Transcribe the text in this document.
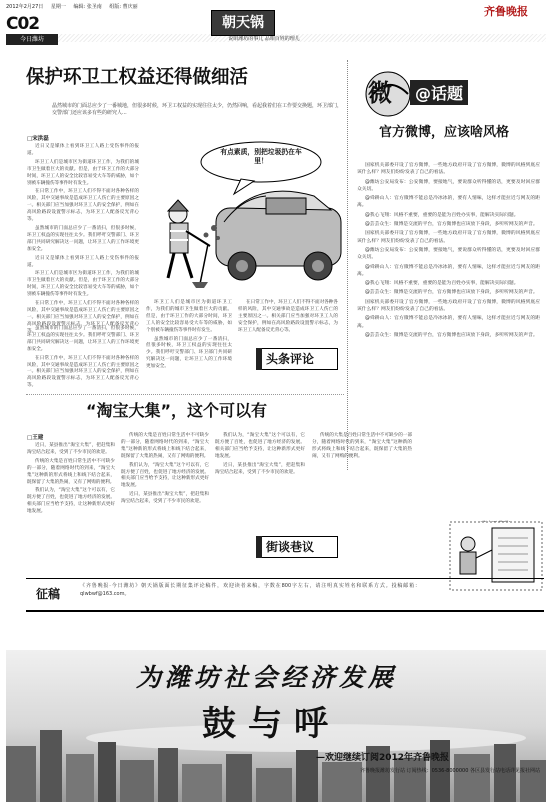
2012年2月27日 星期一 编辑: 张圣南 组版: 曹庆丽	齐鲁晚报
C02
今日潍坊
朝天锅
说咱潍坊的事儿 品咱百姓的理儿
保护环卫工权益还得做细活
晶然城市的门面总应少了一番城地，但很多时候，环卫工权益的实现往往太少，仍然回响，看起我着们在工作要交换题，环卫部门，交警部门还应该多有些的研究人...
□宋洪磊

近日又是媒体上看到环卫工人路上受伤事件的报道。

环卫工人们是城市区为街道环卫工作，为我们的城市卫生做着巨大的贡献。但是，由于环卫工作的大部分时间，环卫工人的安全比较容易受大车等的威胁，如个别被车辆撞伤等事件时有发生。

在日常工作中，环卫工人们不得不面对各种各样的风险，其中交通事故是造成环卫工人伤亡的主要原因之一。相关部门应当加强对环卫工人的安全保护，例如在高风险路段设置警示标志，为环卫工人配备反光背心等。

虽然城市的门面总应少了一番清扫，但很多时候，环卫工权益的实现往往太少。我们呼吁交警部门、环卫部门共同研究解决这一问题，让环卫工人的工作环境更加安全。

近日又是媒体上看到环卫工人路上受伤事件的报道。

环卫工人们是城市区为街道环卫工作，为我们的城市卫生做着巨大的贡献。但是，由于环卫工作的大部分时间，环卫工人的安全比较容易受大车等的威胁，如个别被车辆撞伤等事件时有发生。

在日常工作中，环卫工人们不得不面对各种各样的风险，其中交通事故是造成环卫工人伤亡的主要原因之一。相关部门应当加强对环卫工人的安全保护，例如在高风险路段设置警示标志，为环卫工人配备反光背心等。

虽然城市的门面总应少了一番清扫，但很多时候，环卫工权益的实现往往太少。我们呼吁交警部门、环卫部门共同研究解决这一问题，让环卫工人的工作环境更加安全。

在日常工作中，环卫工人们不得不面对各种各样的风险，其中交通事故是造成环卫工人伤亡的主要原因之一。相关部门应当加强对环卫工人的安全保护，例如在高风险路段设置警示标志，为环卫工人配备反光背心等。

有点素质，别把垃圾扔在车里！

环卫工人们是城市区为街道环卫工作，为我们的城市卫生做着巨大的贡献。但是，由于环卫工作的大部分时间，环卫工人的安全比较容易受大车等的威胁，如个别被车辆撞伤等事件时有发生。

虽然城市的门面总应少了一番清扫，但很多时候，环卫工权益的实现往往太少。我们呼吁交警部门、环卫部门共同研究解决这一问题，让环卫工人的工作环境更加安全。

在日常工作中，环卫工人们不得不面对各种各样的风险，其中交通事故是造成环卫工人伤亡的主要原因之一。相关部门应当加强对环卫工人的安全保护，例如在高风险路段设置警示标志，为环卫工人配备反光背心等。

头条评论
微	@话题
官方微博，应该啥风格

国家机关部委开设了官方微博，一些地方政府开设了官方微博，微博的风格到底应该什么样？网友们纷纷发表了自己的看法。

@潍坊公安局发布：公安微博，要接地气，要说群众听得懂的话，更要及时回应群众关切。

@舜耕山人：官方微博不能总是冷冰冰的，要有人情味，这样才能拉近与网友的距离。

@我心飞翔：风格不重要，重要的是能为百姓办实事，能解决实际问题。

@芸芸众生：微博是交流的平台，官方微博也应该放下身段，多听听网友的声音。

国家机关部委开设了官方微博，一些地方政府开设了官方微博，微博的风格到底应该什么样？网友们纷纷发表了自己的看法。

@潍坊公安局发布：公安微博，要接地气，要说群众听得懂的话，更要及时回应群众关切。

@舜耕山人：官方微博不能总是冷冰冰的，要有人情味，这样才能拉近与网友的距离。

@我心飞翔：风格不重要，重要的是能为百姓办实事，能解决实际问题。

@芸芸众生：微博是交流的平台，官方微博也应该放下身段，多听听网友的声音。

国家机关部委开设了官方微博，一些地方政府开设了官方微博，微博的风格到底应该什么样？网友们纷纷发表了自己的看法。

@舜耕山人：官方微博不能总是冷冰冰的，要有人情味，这样才能拉近与网友的距离。

@芸芸众生：微博是交流的平台，官方微博也应该放下身段，多听听网友的声音。

“淘宝大集”，这个可以有
□王建

近日，某县推出“淘宝大集”，把赶集和淘宝结合起来，受到了不少市民的欢迎。

传统的大集是百姓日常生活中不可缺少的一部分，随着网络时代的到来，“淘宝大集”这种新的形式将线上和线下结合起来，既保留了大集的热闹，又有了网购的便利。

我们认为，“淘宝大集”这个可以有，它既方便了百姓，也促进了地方经济的发展。相关部门应当给予支持，让这种新形式更好地发展。

传统的大集是百姓日常生活中不可缺少的一部分，随着网络时代的到来，“淘宝大集”这种新的形式将线上和线下结合起来，既保留了大集的热闹，又有了网购的便利。

我们认为，“淘宝大集”这个可以有，它既方便了百姓，也促进了地方经济的发展。相关部门应当给予支持，让这种新形式更好地发展。

近日，某县推出“淘宝大集”，把赶集和淘宝结合起来，受到了不少市民的欢迎。

我们认为，“淘宝大集”这个可以有，它既方便了百姓，也促进了地方经济的发展。相关部门应当给予支持，让这种新形式更好地发展。

近日，某县推出“淘宝大集”，把赶集和淘宝结合起来，受到了不少市民的欢迎。

传统的大集是百姓日常生活中不可缺少的一部分，随着网络时代的到来，“淘宝大集”这种新的形式将线上和线下结合起来，既保留了大集的热闹，又有了网购的便利。

街谈巷议
征稿
《齐鲁晚报·今日潍坊》朝天锅版面长期征集评论稿件，欢迎读者来稿，字数在800字左右，请注明真实姓名和联系方式。投稿邮箱：qlwbwf@163.com。
为潍坊社会经济发展
鼓与呼
—欢迎继续订阅2012年齐鲁晚报
齐鲁晚报潍坊发行站 订阅热线：0536-8000000 各区县发行站电话详见报社网站
